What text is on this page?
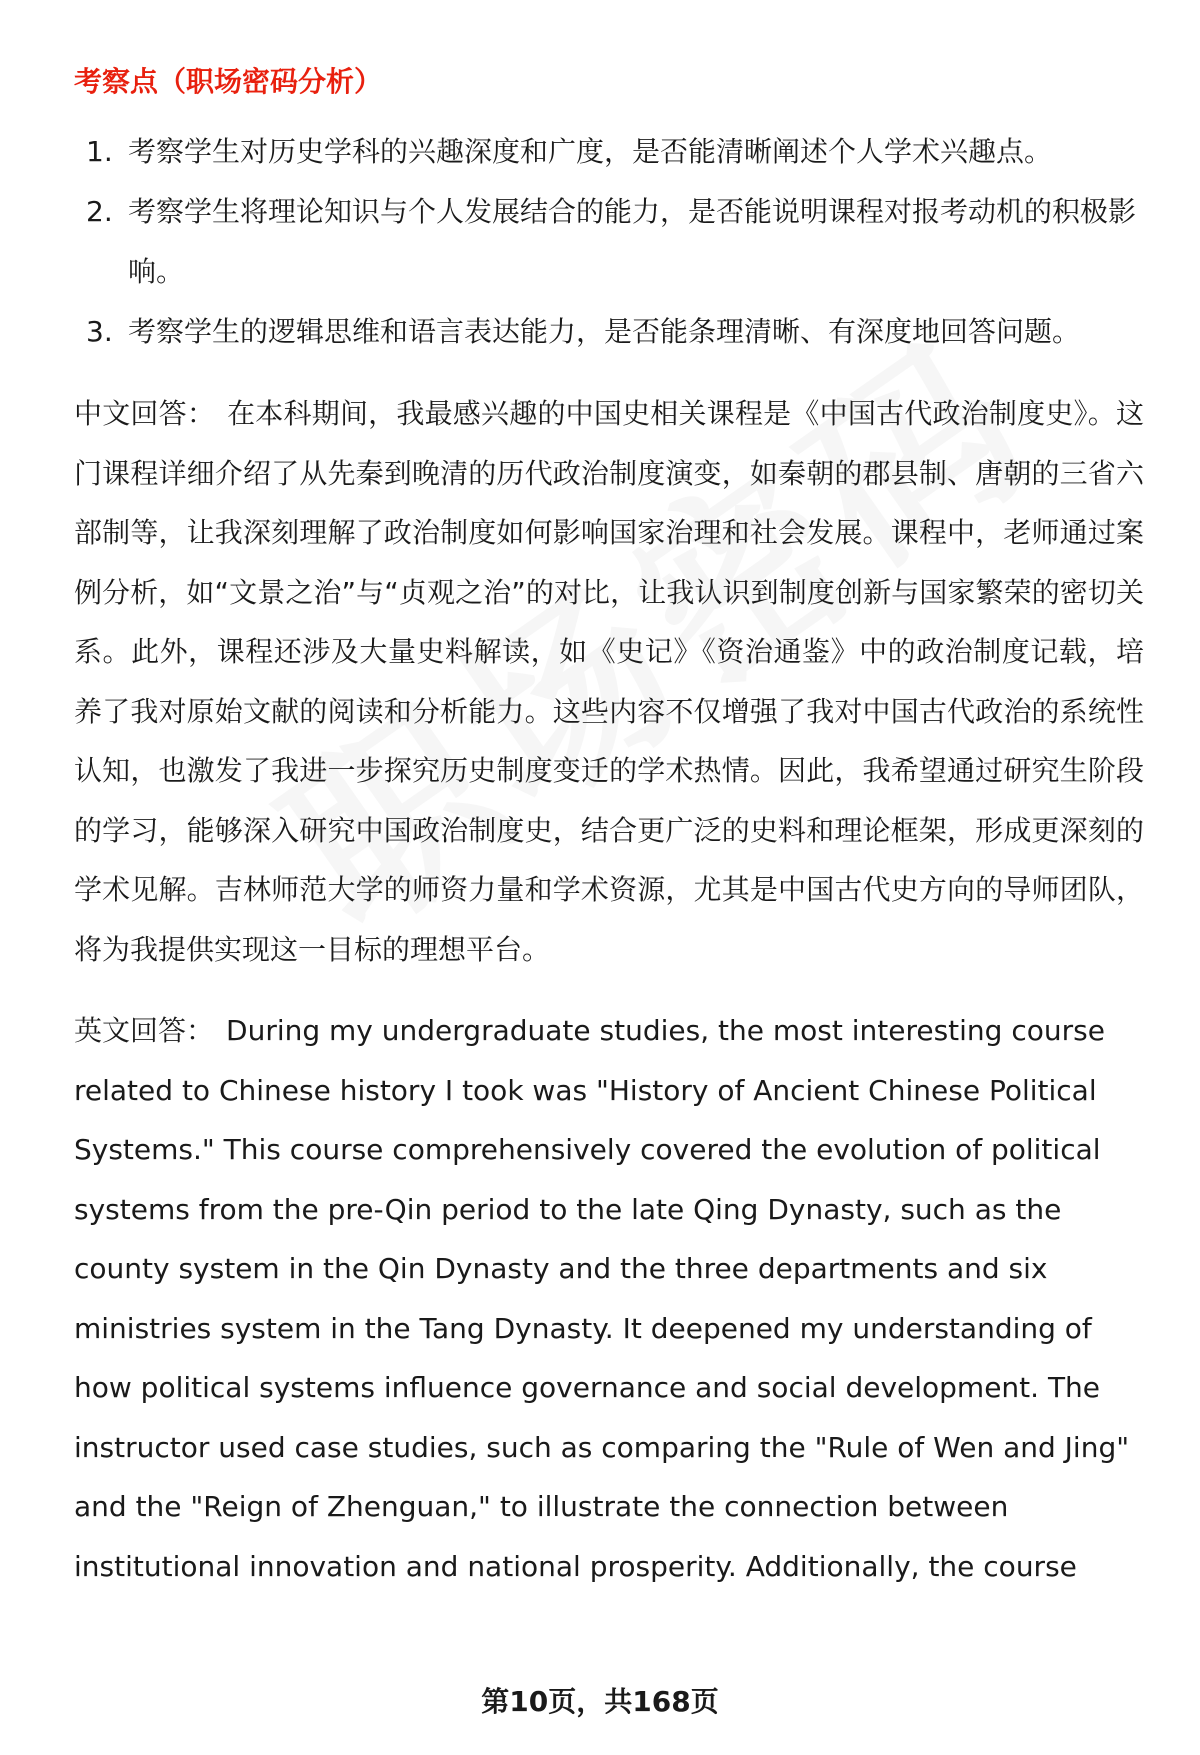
考察点（职场密码分析）
1. 考察学生对历史学科的兴趣深度和广度，是否能清晰阐述个人学术兴趣点。
2. 考察学生将理论知识与个人发展结合的能力，是否能说明课程对报考动机的积极影响。
3. 考察学生的逻辑思维和语言表达能力，是否能条理清晰、有深度地回答问题。

中文回答： 在本科期间，我最感兴趣的中国史相关课程是《中国古代政治制度史》。这门课程详细介绍了从先秦到晚清的历代政治制度演变，如秦朝的郡县制、唐朝的三省六部制等，让我深刻理解了政治制度如何影响国家治理和社会发展。课程中，老师通过案例分析，如“文景之治”与“贞观之治”的对比，让我认识到制度创新与国家繁荣的密切关系。此外，课程还涉及大量史料解读，如《史记》《资治通鉴》中的政治制度记载，培养了我对原始文献的阅读和分析能力。这些内容不仅增强了我对中国古代政治的系统性认知，也激发了我进一步探究历史制度变迁的学术热情。因此，我希望通过研究生阶段的学习，能够深入研究中国政治制度史，结合更广泛的史料和理论框架，形成更深刻的学术见解。吉林师范大学的师资力量和学术资源，尤其是中国古代史方向的导师团队，将为我提供实现这一目标的理想平台。

英文回答： During my undergraduate studies, the most interesting course related to Chinese history I took was "History of Ancient Chinese Political Systems." This course comprehensively covered the evolution of political systems from the pre-Qin period to the late Qing Dynasty, such as the county system in the Qin Dynasty and the three departments and six ministries system in the Tang Dynasty. It deepened my understanding of how political systems influence governance and social development. The instructor used case studies, such as comparing the "Rule of Wen and Jing" and the "Reign of Zhenguan," to illustrate the connection between institutional innovation and national prosperity. Additionally, the course

第10页，共168页
